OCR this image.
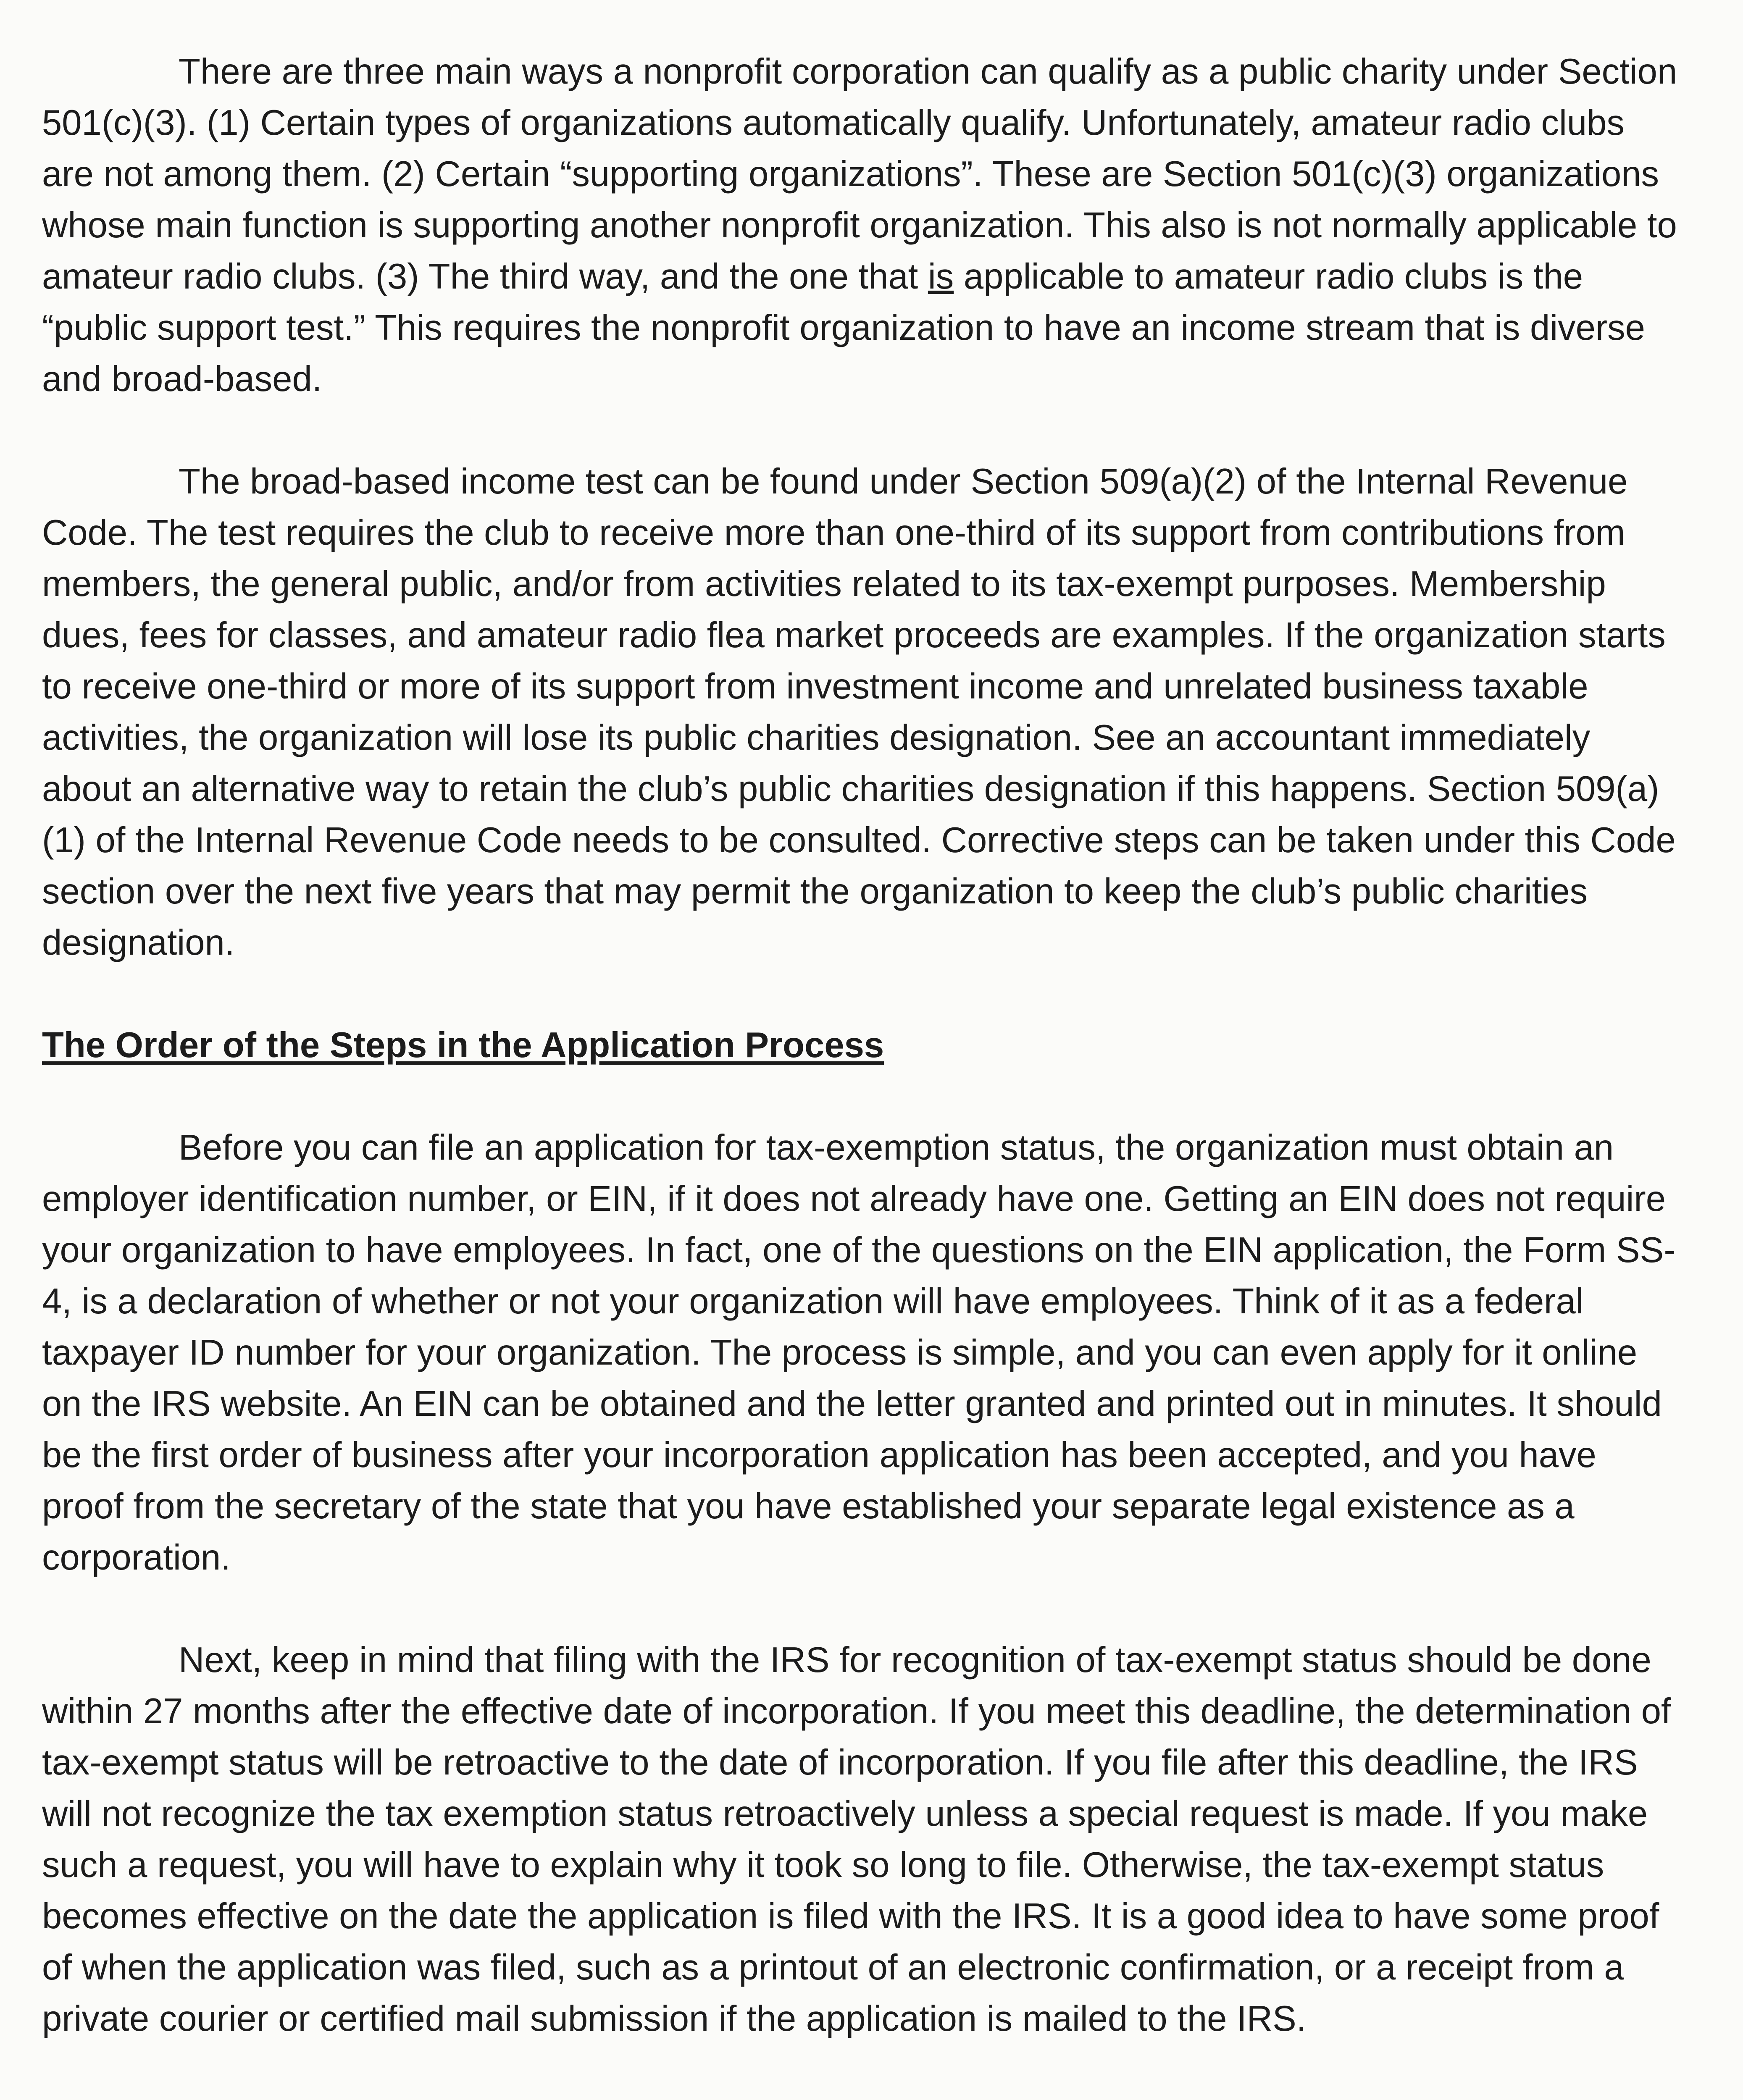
There are three main ways a nonprofit corporation can qualify as a public charity under Section 501(c)(3). (1) Certain types of organizations automatically qualify. Unfortunately, amateur radio clubs are not among them. (2) Certain “supporting organizations”. These are Section 501(c)(3) organizations whose main function is supporting another nonprofit organization. This also is not normally applicable to amateur radio clubs. (3) The third way, and the one that is applicable to amateur radio clubs is the “public support test.” This requires the nonprofit organization to have an income stream that is diverse and broad-based.

The broad-based income test can be found under Section 509(a)(2) of the Internal Revenue Code. The test requires the club to receive more than one-third of its support from contributions from members, the general public, and/or from activities related to its tax-exempt purposes. Membership dues, fees for classes, and amateur radio flea market proceeds are examples. If the organization starts to receive one-third or more of its support from investment income and unrelated business taxable activities, the organization will lose its public charities designation. See an accountant immediately about an alternative way to retain the club’s public charities designation if this happens. Section 509(a)(1) of the Internal Revenue Code needs to be consulted. Corrective steps can be taken under this Code section over the next five years that may permit the organization to keep the club’s public charities designation.

The Order of the Steps in the Application Process

Before you can file an application for tax-exemption status, the organization must obtain an employer identification number, or EIN, if it does not already have one. Getting an EIN does not require your organization to have employees. In fact, one of the questions on the EIN application, the Form SS-4, is a declaration of whether or not your organization will have employees. Think of it as a federal taxpayer ID number for your organization. The process is simple, and you can even apply for it online on the IRS website. An EIN can be obtained and the letter granted and printed out in minutes. It should be the first order of business after your incorporation application has been accepted, and you have proof from the secretary of the state that you have established your separate legal existence as a corporation.

Next, keep in mind that filing with the IRS for recognition of tax-exempt status should be done within 27 months after the effective date of incorporation. If you meet this deadline, the determination of tax-exempt status will be retroactive to the date of incorporation. If you file after this deadline, the IRS will not recognize the tax exemption status retroactively unless a special request is made. If you make such a request, you will have to explain why it took so long to file. Otherwise, the tax-exempt status becomes effective on the date the application is filed with the IRS. It is a good idea to have some proof of when the application was filed, such as a printout of an electronic confirmation, or a receipt from a private courier or certified mail submission if the application is mailed to the IRS.
